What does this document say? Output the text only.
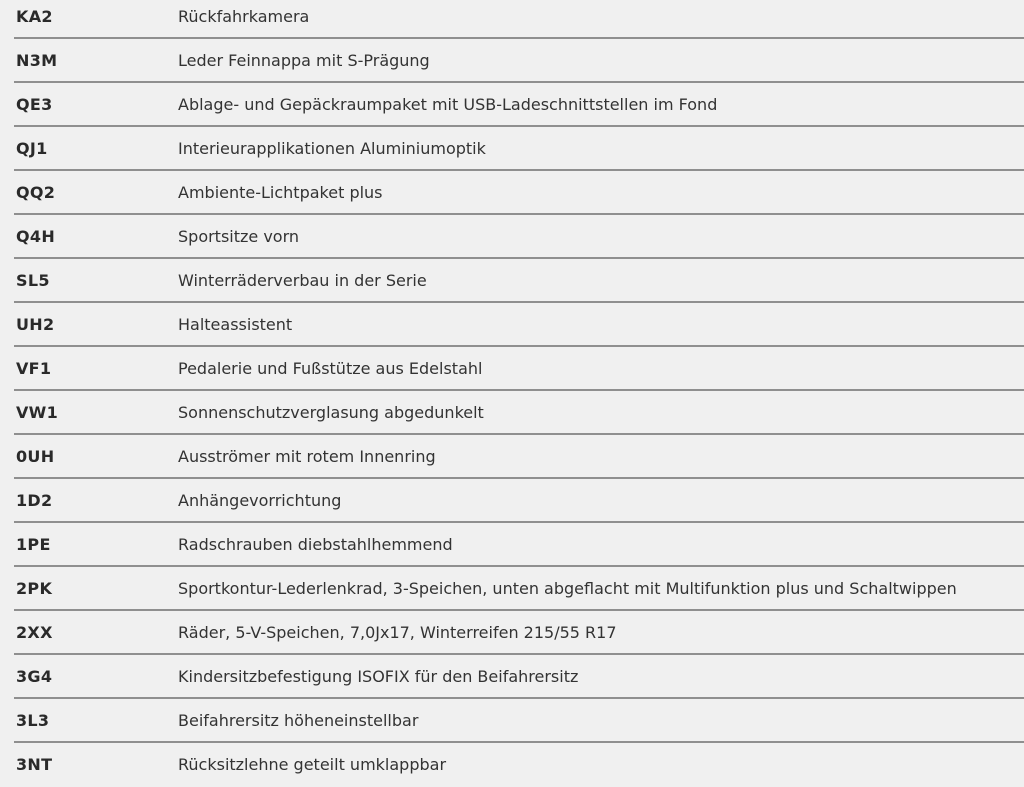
KA2	Rückfahrkamera
N3M	Leder Feinnappa mit S-Prägung
QE3	Ablage- und Gepäckraumpaket mit USB-Ladeschnittstellen im Fond
QJ1	Interieurapplikationen Aluminiumoptik
QQ2	Ambiente-Lichtpaket plus
Q4H	Sportsitze vorn
SL5	Winterräderverbau in der Serie
UH2	Halteassistent
VF1	Pedalerie und Fußstütze aus Edelstahl
VW1	Sonnenschutzverglasung abgedunkelt
0UH	Ausströmer mit rotem Innenring
1D2	Anhängevorrichtung
1PE	Radschrauben diebstahlhemmend
2PK	Sportkontur-Lederlenkrad, 3-Speichen, unten abgeflacht mit Multifunktion plus und Schaltwippen
2XX	Räder, 5-V-Speichen, 7,0Jx17, Winterreifen 215/55 R17
3G4	Kindersitzbefestigung ISOFIX für den Beifahrersitz
3L3	Beifahrersitz höheneinstellbar
3NT	Rücksitzlehne geteilt umklappbar
